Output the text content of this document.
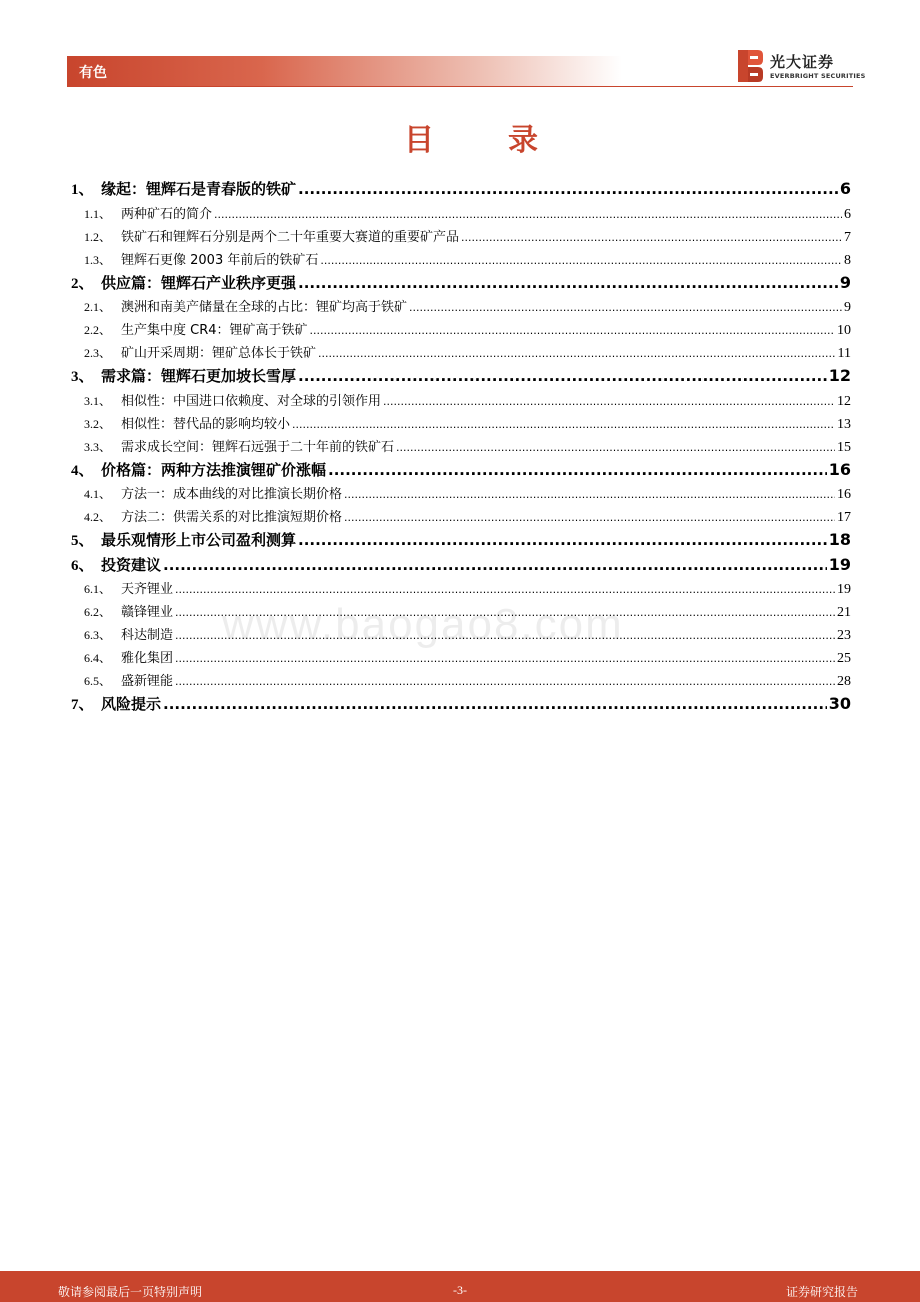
有色
光大证券
EVERBRIGHT SECURITIES
目　录
1、 缘起：锂辉石是青春版的铁矿 .....	6
1.1、 两种矿石的简介 .....	6
1.2、 铁矿石和锂辉石分别是两个二十年重要大赛道的重要矿产品 .....	7
1.3、 锂辉石更像 2003 年前后的铁矿石 .....	8
2、 供应篇：锂辉石产业秩序更强 .....	9
2.1、 澳洲和南美产储量在全球的占比：锂矿均高于铁矿 .....	9
2.2、 生产集中度 CR4：锂矿高于铁矿 .....	10
2.3、 矿山开采周期：锂矿总体长于铁矿 .....	11
3、 需求篇：锂辉石更加坡长雪厚 .....	12
3.1、 相似性：中国进口依赖度、对全球的引领作用 .....	12
3.2、 相似性：替代品的影响均较小 .....	13
3.3、 需求成长空间：锂辉石远强于二十年前的铁矿石 .....	15
4、 价格篇：两种方法推演锂矿价涨幅 .....	16
4.1、 方法一：成本曲线的对比推演长期价格 .....	16
4.2、 方法二：供需关系的对比推演短期价格 .....	17
5、 最乐观情形上市公司盈利测算 .....	18
6、 投资建议 .....	19
6.1、 天齐锂业 .....	19
6.2、 赣锋锂业 .....	21
6.3、 科达制造 .....	23
6.4、 雅化集团 .....	25
6.5、 盛新锂能 .....	28
7、 风险提示 .....	30
www.baogao8.com
敬请参阅最后一页特别声明	-3-	证券研究报告
